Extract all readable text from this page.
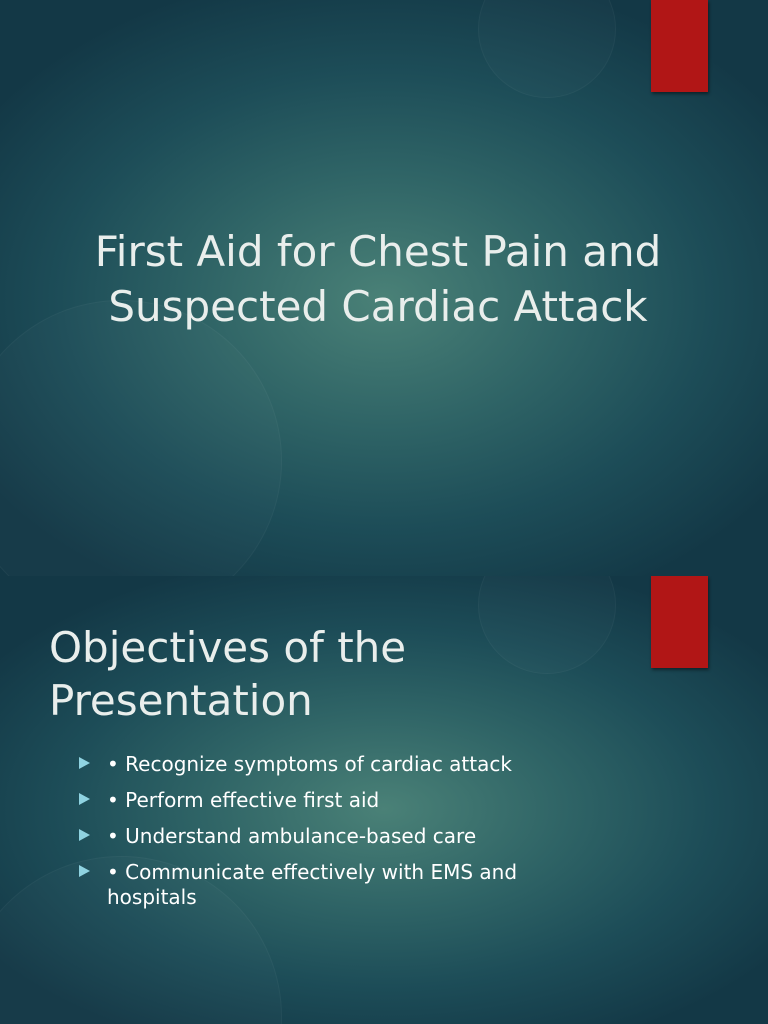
First Aid for Chest Pain and Suspected Cardiac Attack
Objectives of the Presentation
• Recognize symptoms of cardiac attack
• Perform effective first aid
• Understand ambulance-based care
• Communicate effectively with EMS and hospitals
